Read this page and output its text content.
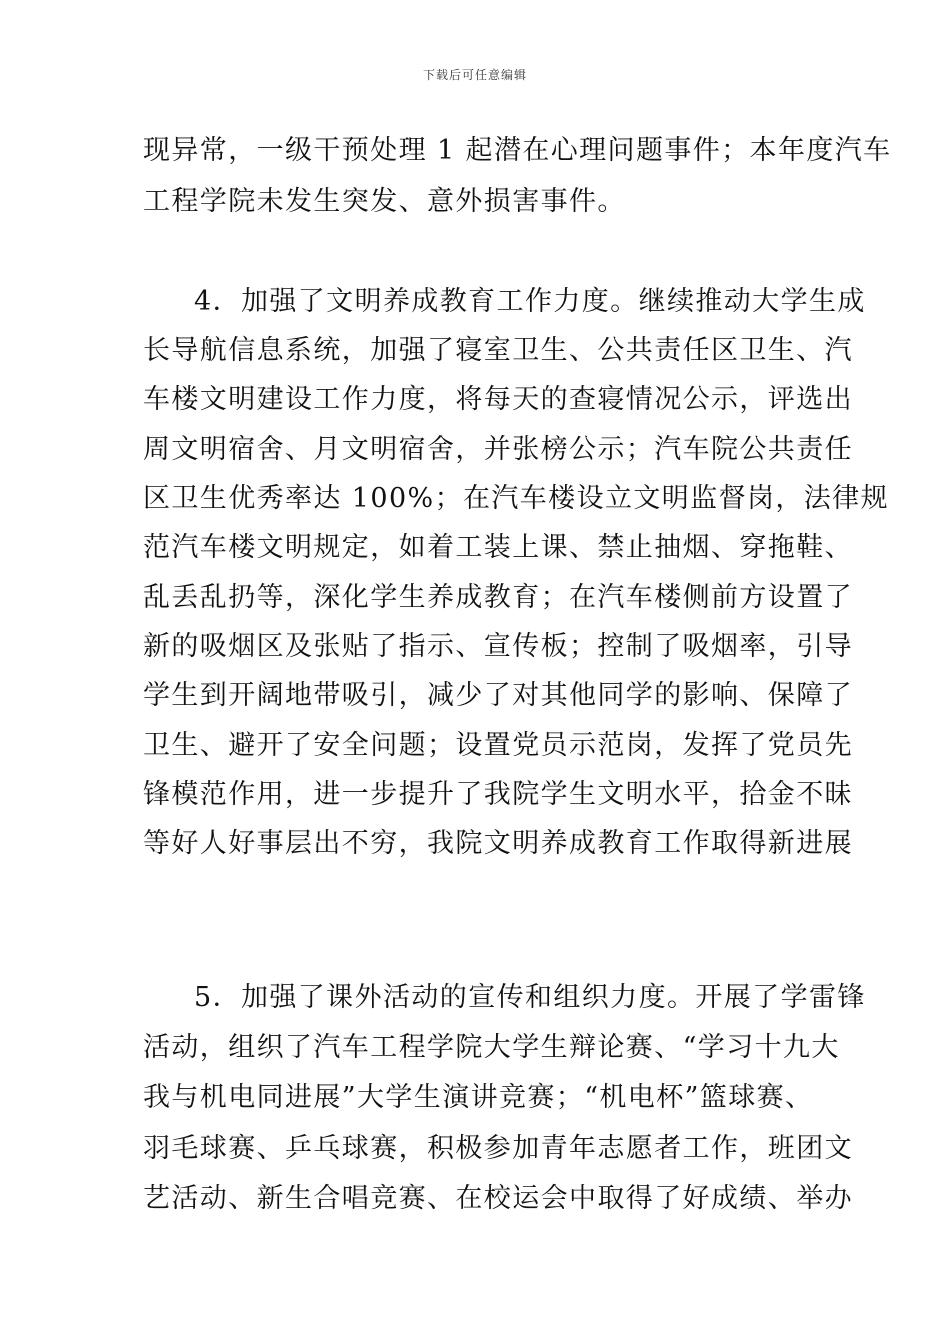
下载后可任意编辑
现异常，一级干预处理 1 起潜在心理问题事件；本年度汽车
工程学院未发生突发、意外损害事件。
4．加强了文明养成教育工作力度。继续推动大学生成
长导航信息系统，加强了寝室卫生、公共责任区卫生、汽
车楼文明建设工作力度，将每天的查寝情况公示，评选出
周文明宿舍、月文明宿舍，并张榜公示；汽车院公共责任
区卫生优秀率达 100%；在汽车楼设立文明监督岗，法律规
范汽车楼文明规定，如着工装上课、禁止抽烟、穿拖鞋、
乱丢乱扔等，深化学生养成教育；在汽车楼侧前方设置了
新的吸烟区及张贴了指示、宣传板；控制了吸烟率，引导
学生到开阔地带吸引，减少了对其他同学的影响、保障了
卫生、避开了安全问题；设置党员示范岗，发挥了党员先
锋模范作用，进一步提升了我院学生文明水平，拾金不昧
等好人好事层出不穷，我院文明养成教育工作取得新进展
5．加强了课外活动的宣传和组织力度。开展了学雷锋
活动，组织了汽车工程学院大学生辩论赛、“学习十九大
我与机电同进展”大学生演讲竞赛；“机电杯”篮球赛、
羽毛球赛、乒乓球赛，积极参加青年志愿者工作，班团文
艺活动、新生合唱竞赛、在校运会中取得了好成绩、举办
